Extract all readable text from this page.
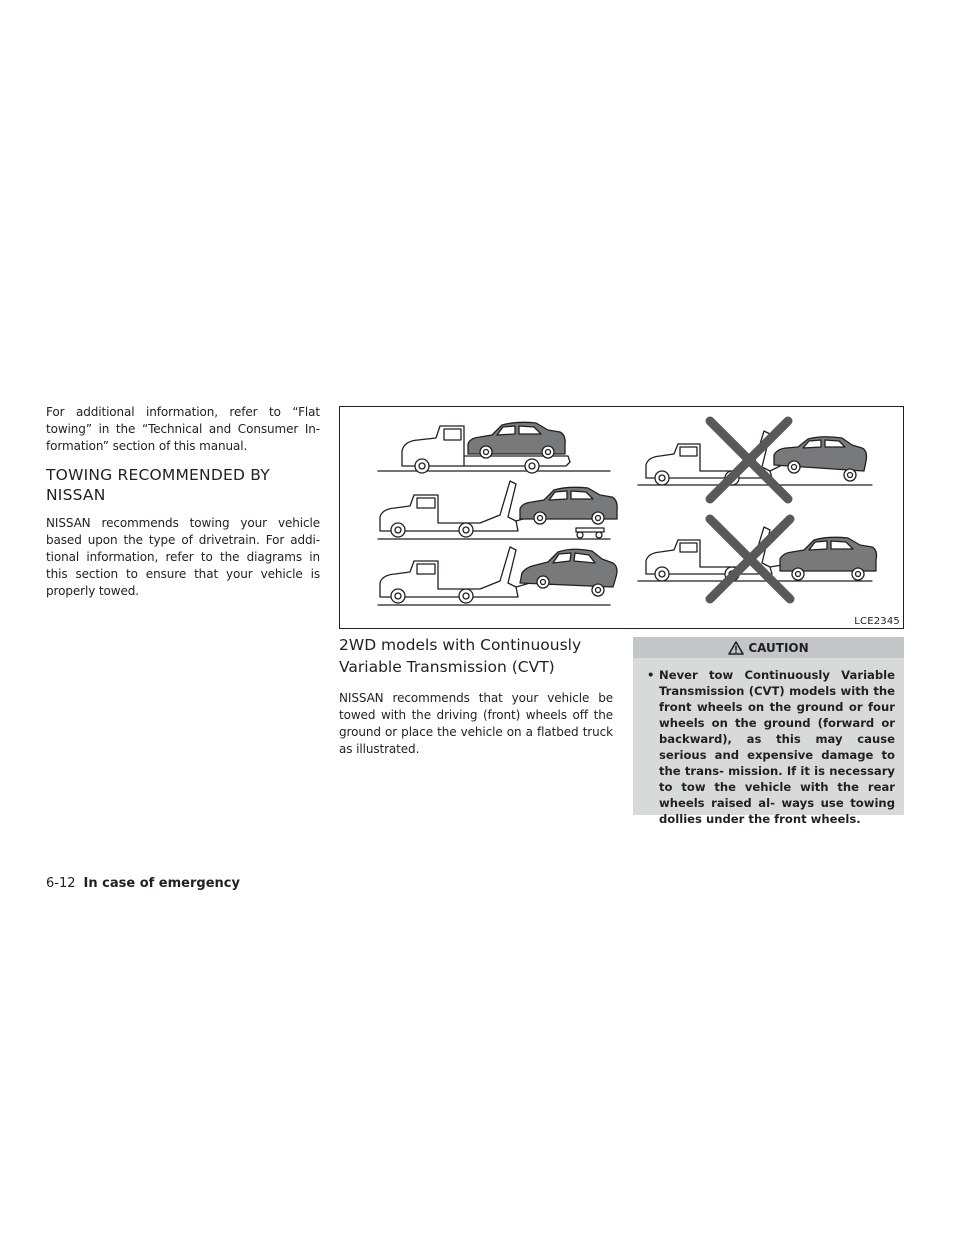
For additional information, refer to “Flat towing” in the “Technical and Consumer In- formation” section of this manual.

TOWING RECOMMENDED BY NISSAN

NISSAN recommends towing your vehicle based upon the type of drivetrain. For addi- tional information, refer to the diagrams in this section to ensure that your vehicle is properly towed.

LCE2345
2WD models with Continuously Variable Transmission (CVT)

NISSAN recommends that your vehicle be towed with the driving (front) wheels off the ground or place the vehicle on a flatbed truck as illustrated.

CAUTION
• Never tow Continuously Variable Transmission (CVT) models with the front wheels on the ground or four wheels on the ground (forward or backward), as this may cause serious and expensive damage to the trans- mission. If it is necessary to tow the vehicle with the rear wheels raised al- ways use towing dollies under the front wheels.
6-12 In case of emergency
